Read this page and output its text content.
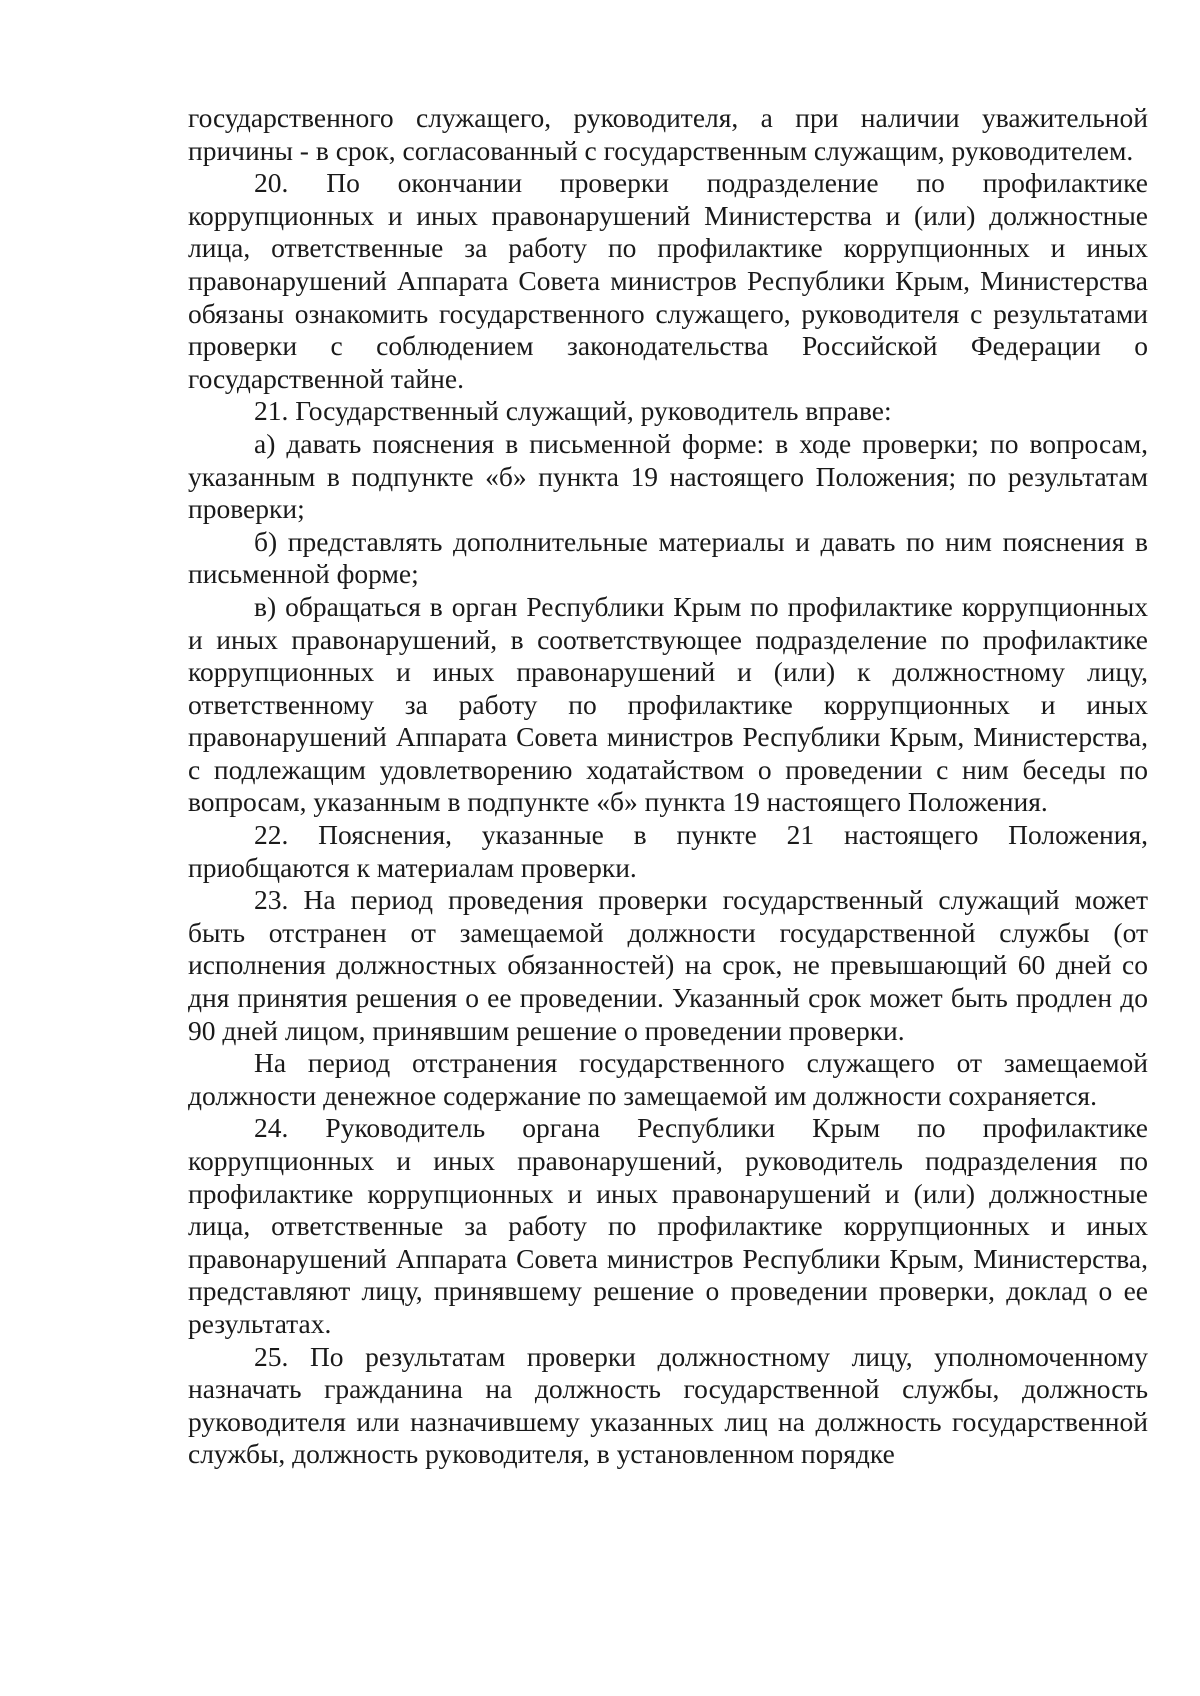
государственного служащего, руководителя, а при наличии уважительной причины - в срок, согласованный с государственным служащим, руководителем.

20. По окончании проверки подразделение по профилактике коррупционных и иных правонарушений Министерства и (или) должностные лица, ответственные за работу по профилактике коррупционных и иных правонарушений Аппарата Совета министров Республики Крым, Министерства обязаны ознакомить государственного служащего, руководителя с результатами проверки с соблюдением законодательства Российской Федерации о государственной тайне.

21. Государственный служащий, руководитель вправе:

а) давать пояснения в письменной форме: в ходе проверки; по вопросам, указанным в подпункте «б» пункта 19 настоящего Положения; по результатам проверки;

б) представлять дополнительные материалы и давать по ним пояснения в письменной форме;

в) обращаться в орган Республики Крым по профилактике коррупционных и иных правонарушений, в соответствующее подразделение по профилактике коррупционных и иных правонарушений и (или) к должностному лицу, ответственному за работу по профилактике коррупционных и иных правонарушений Аппарата Совета министров Республики Крым, Министерства, с подлежащим удовлетворению ходатайством о проведении с ним беседы по вопросам, указанным в подпункте «б» пункта 19 настоящего Положения.

22. Пояснения, указанные в пункте 21 настоящего Положения, приобщаются к материалам проверки.

23. На период проведения проверки государственный служащий может быть отстранен от замещаемой должности государственной службы (от исполнения должностных обязанностей) на срок, не превышающий 60 дней со дня принятия решения о ее проведении. Указанный срок может быть продлен до 90 дней лицом, принявшим решение о проведении проверки.

На период отстранения государственного служащего от замещаемой должности денежное содержание по замещаемой им должности сохраняется.

24. Руководитель органа Республики Крым по профилактике коррупционных и иных правонарушений, руководитель подразделения по профилактике коррупционных и иных правонарушений и (или) должностные лица, ответственные за работу по профилактике коррупционных и иных правонарушений Аппарата Совета министров Республики Крым, Министерства, представляют лицу, принявшему решение о проведении проверки, доклад о ее результатах.

25. По результатам проверки должностному лицу, уполномоченному назначать гражданина на должность государственной службы, должность руководителя или назначившему указанных лиц на должность государственной службы, должность руководителя, в установленном порядке
